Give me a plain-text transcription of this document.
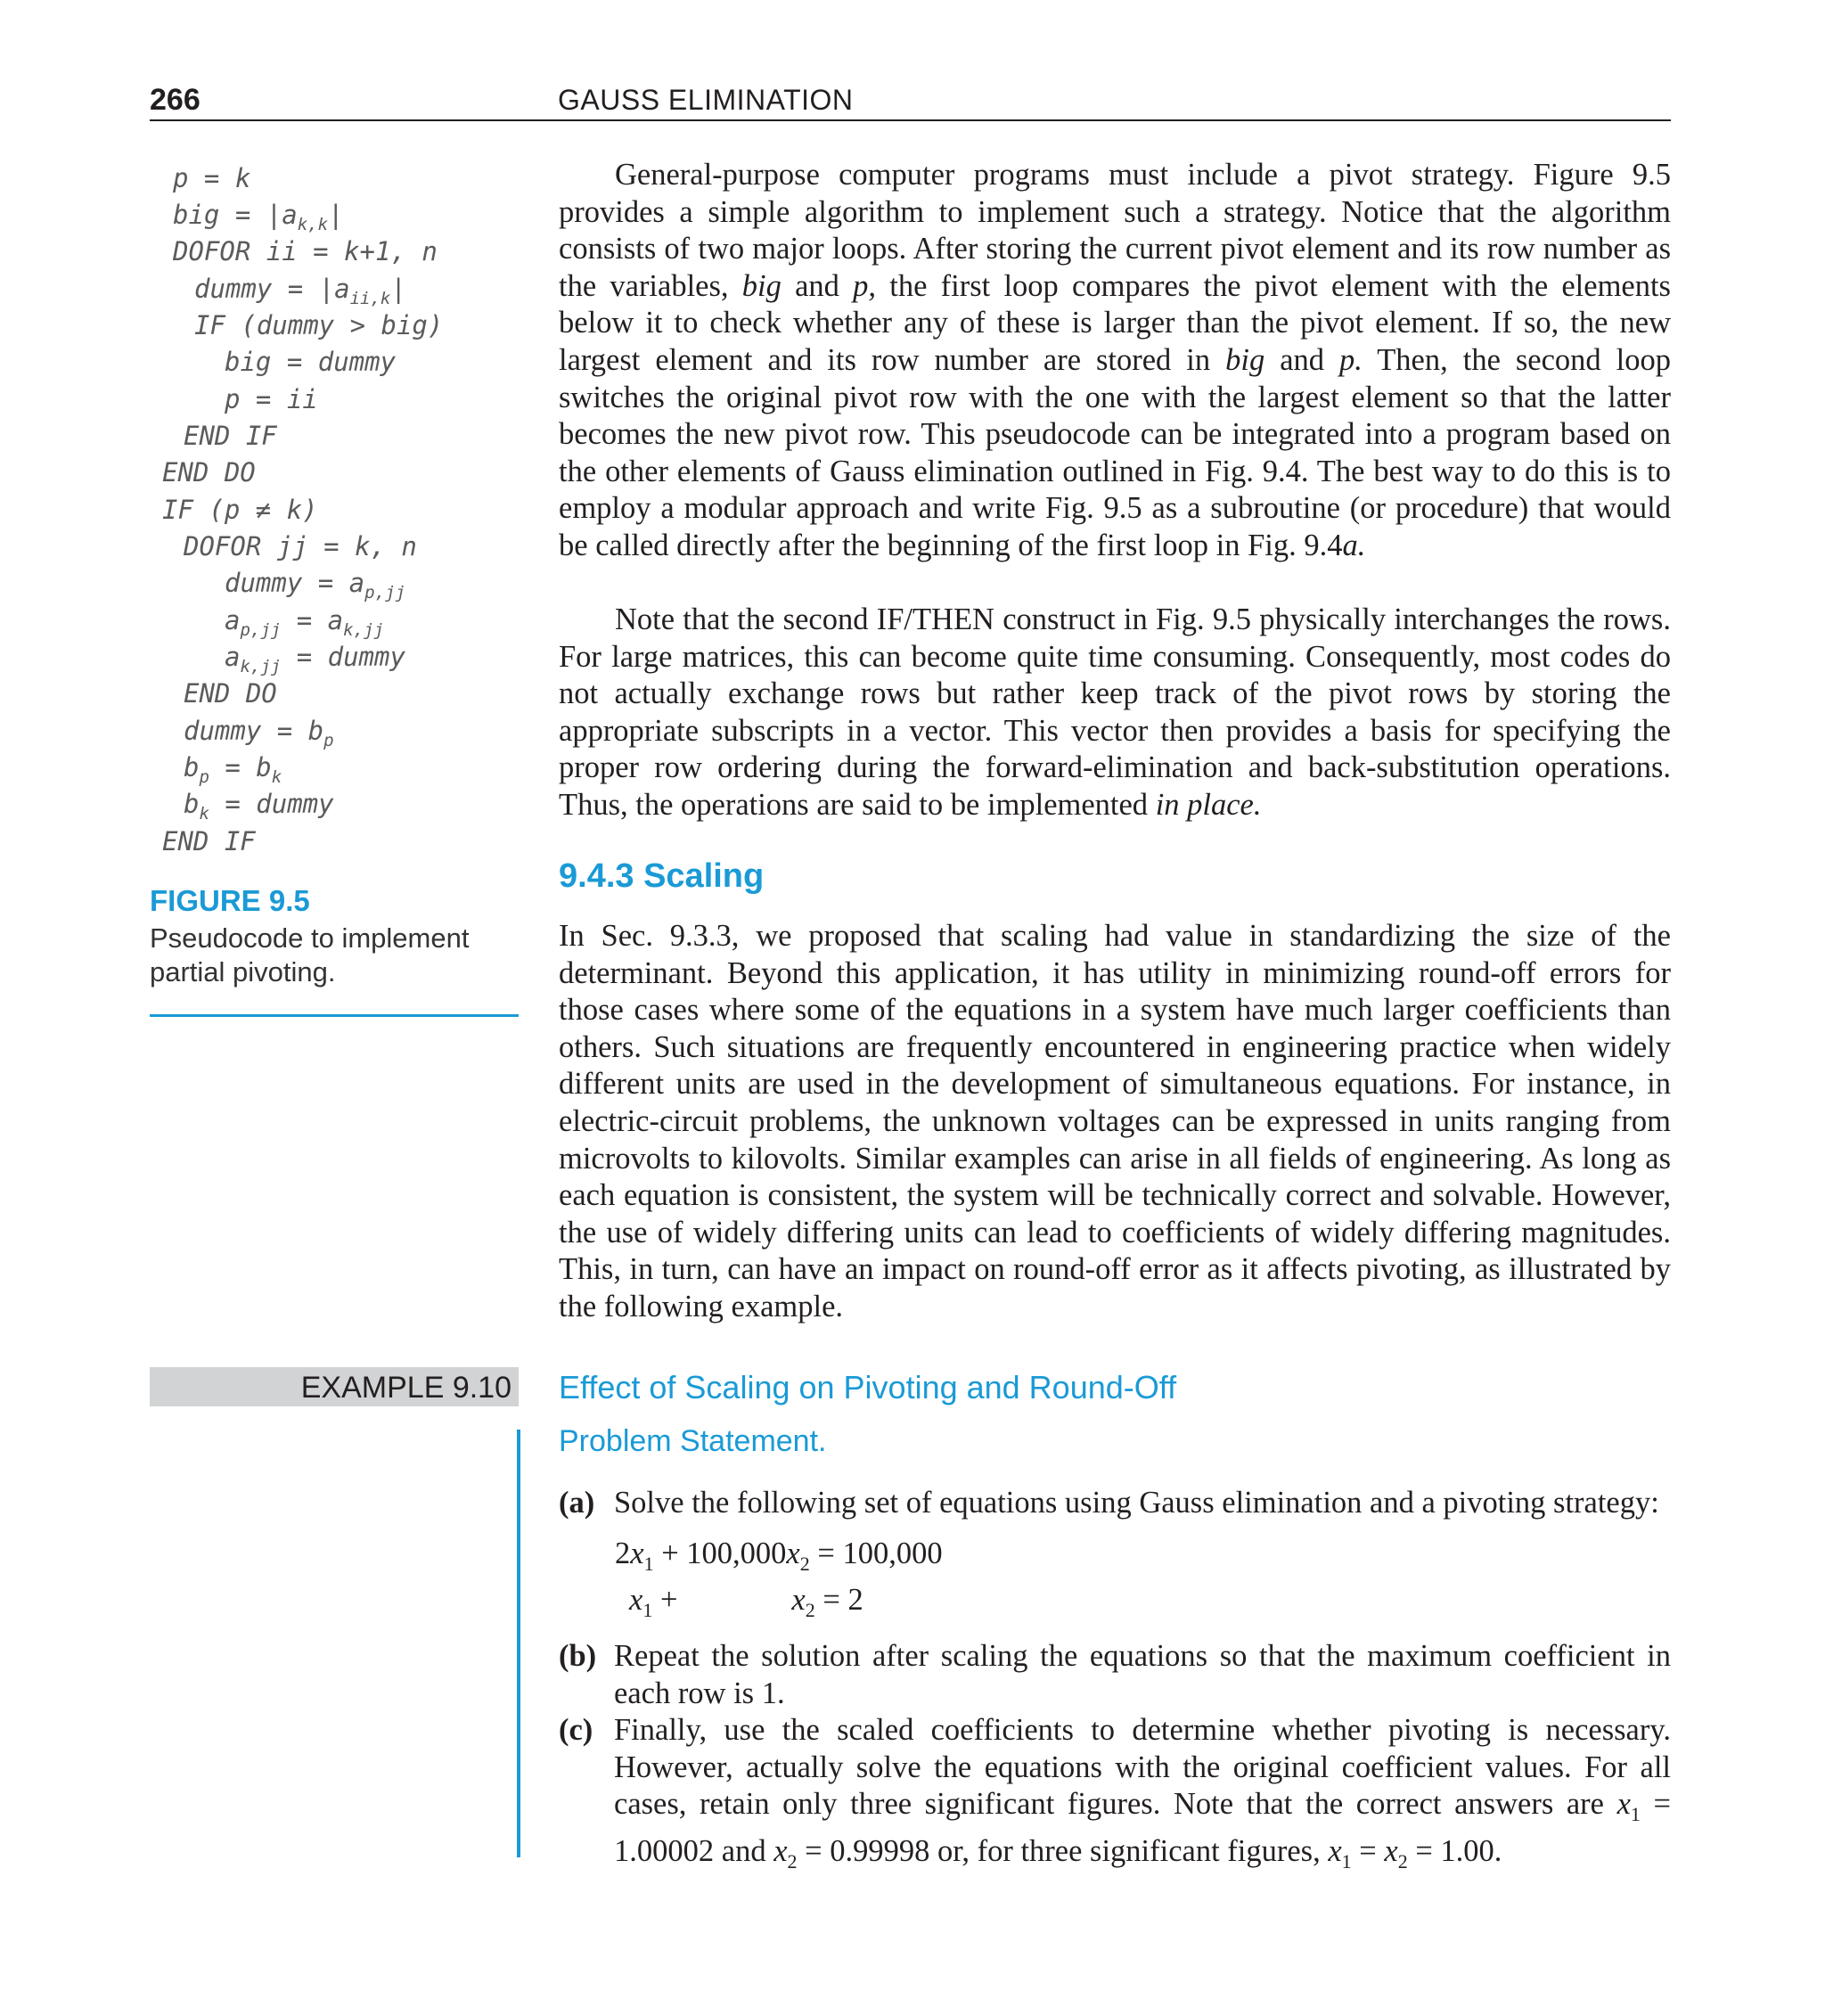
266	GAUSS ELIMINATION
p = k
big = $|a_{k,k}|$
DOFOR ii = k+1, n
dummy = $|a_{ii,k}|$
IF (dummy > big)
big = dummy
p = ii
END IF
END DO
IF (p ≠ k)
DOFOR jj = k, n
dummy = $a_{p,jj}$
$a_{p,jj} = a_{k,jj}$
$a_{k,jj}$ = dummy
END DO
dummy = $b_p$
$b_p = b_k$
$b_k$ = dummy
END IF
FIGURE 9.5
Pseudocode to implement partial pivoting.

General-purpose computer programs must include a pivot strategy. Figure 9.5 provides a simple algorithm to implement such a strategy. Notice that the algorithm consists of two major loops. After storing the current pivot element and its row number as the variables, big and p, the first loop compares the pivot element with the elements below it to check whether any of these is larger than the pivot element. If so, the new largest element and its row number are stored in big and p. Then, the second loop switches the original pivot row with the one with the largest element so that the latter becomes the new pivot row. This pseudocode can be integrated into a program based on the other elements of Gauss elimination outlined in Fig. 9.4. The best way to do this is to employ a modular approach and write Fig. 9.5 as a subroutine (or procedure) that would be called directly after the beginning of the first loop in Fig. 9.4a.

Note that the second IF/THEN construct in Fig. 9.5 physically interchanges the rows. For large matrices, this can become quite time consuming. Consequently, most codes do not actually exchange rows but rather keep track of the pivot rows by storing the appropriate subscripts in a vector. This vector then provides a basis for specifying the proper row ordering during the forward-elimination and back-substitution operations. Thus, the operations are said to be implemented in place.

9.4.3 Scaling

In Sec. 9.3.3, we proposed that scaling had value in standardizing the size of the determinant. Beyond this application, it has utility in minimizing round-off errors for those cases where some of the equations in a system have much larger coefficients than others. Such situations are frequently encountered in engineering practice when widely different units are used in the development of simultaneous equations. For instance, in electric-circuit problems, the unknown voltages can be expressed in units ranging from microvolts to kilovolts. Similar examples can arise in all fields of engineering. As long as each equation is consistent, the system will be technically correct and solvable. However, the use of widely differing units can lead to coefficients of widely differing magnitudes. This, in turn, can have an impact on round-off error as it affects pivoting, as illustrated by the following example.

EXAMPLE 9.10 Effect of Scaling on Pivoting and Round-Off
Problem Statement.
(a) Solve the following set of equations using Gauss elimination and a pivoting strategy:
$2x_1 + 100,000x_2 = 100,000$
$x_1$ +	$x_2 = 2$
(b) Repeat the solution after scaling the equations so that the maximum coefficient in each row is 1.
(c) Finally, use the scaled coefficients to determine whether pivoting is necessary. However, actually solve the equations with the original coefficient values. For all cases, retain only three significant figures. Note that the correct answers are $x_1 = 1.00002$ and $x_2 = 0.99998$ or, for three significant figures, $x_1 = x_2 = 1.00$.
